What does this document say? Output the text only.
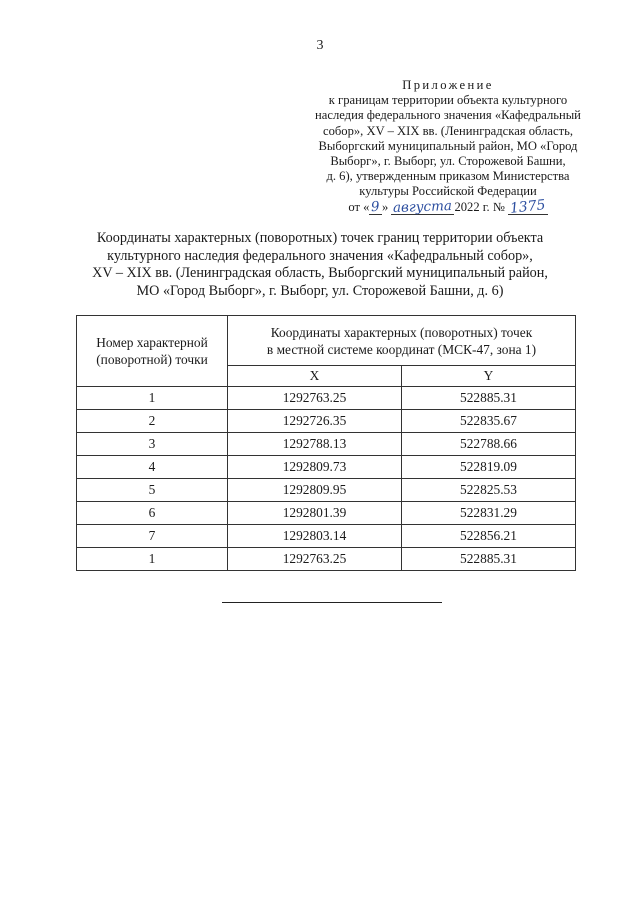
3
Приложение
к границам территории объекта культурного
наследия федерального значения «Кафедральный
собор», XV – XIX вв. (Ленинградская область,
Выборгский муниципальный район, МО «Город
Выборг», г. Выборг, ул. Сторожевой Башни,
д. 6), утвержденным приказом Министерства
культуры Российской Федерации
от «9» августа 2022 г. № 1375
Координаты характерных (поворотных) точек границ территории объекта
культурного наследия федерального значения «Кафедральный собор»,
XV – XIX вв. (Ленинградская область, Выборгский муниципальный район,
МО «Город Выборг», г. Выборг, ул. Сторожевой Башни, д. 6)
Номер характерной
(поворотной) точки	Координаты характерных (поворотных) точек
в местной системе координат (МСК-47, зона 1)	
	X	Y
1	1292763.25	522885.31
2	1292726.35	522835.67
3	1292788.13	522788.66
4	1292809.73	522819.09
5	1292809.95	522825.53
6	1292801.39	522831.29
7	1292803.14	522856.21
1	1292763.25	522885.31
